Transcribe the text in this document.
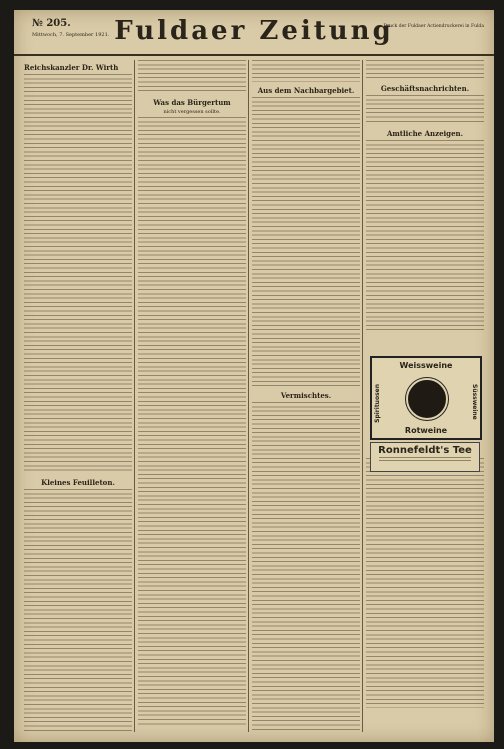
№ 205.
Mittwoch, 7. September 1921. Fuldaer Zeitung
Druck der Fuldaer Actiendruckerei in Fulda
Reichskanzler Dr. Wirth
Kleines Feuilleton.
Was das Bürgertum
nicht vergessen sollte.
Aus dem Nachbargebiet.
Vermischtes.
Geschäftsnachrichten.
Amtliche Anzeigen.
Weissweine
Spirituosen	Süssweine
Rotweine
Ronnefeldt's Tee
